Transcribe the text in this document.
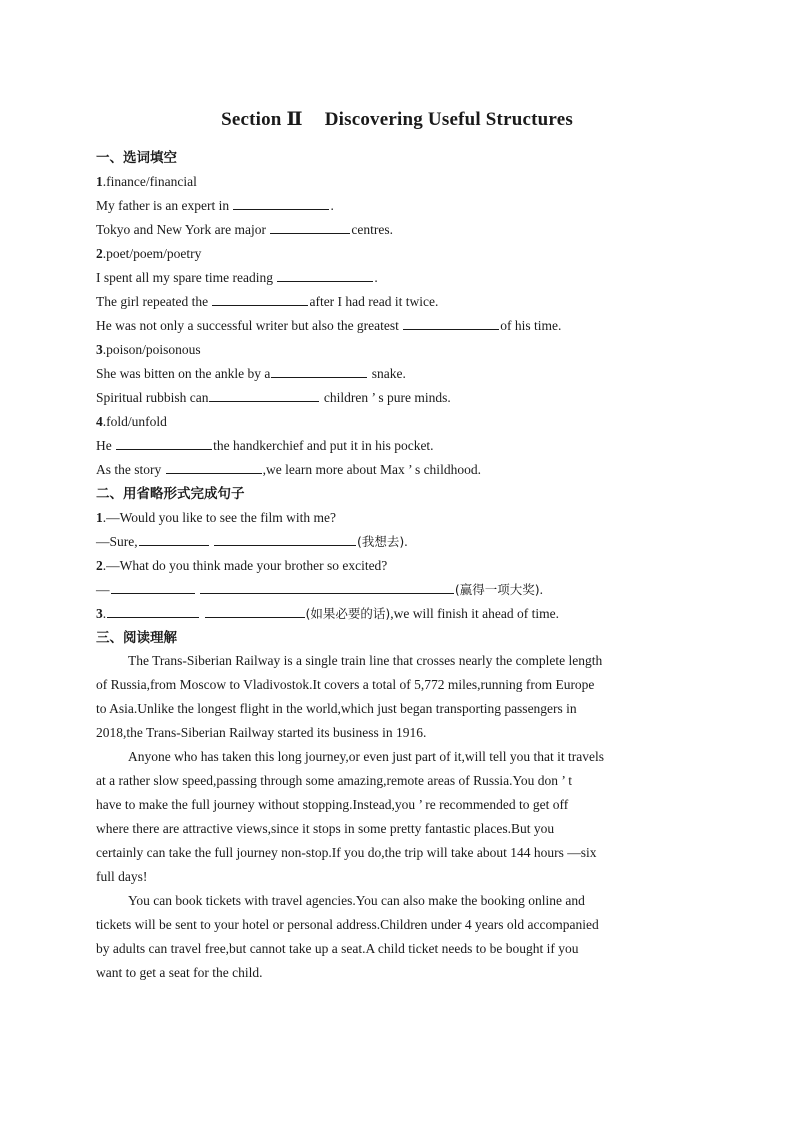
Section Ⅱ Discovering Useful Structures
一、选词填空
1.finance/financial
My father is an expert in	.
Tokyo and New York are major	centres.
2.poet/poem/poetry
I spent all my spare time reading	.
The girl repeated the	after I had read it twice.
He was not only a successful writer but also the greatest	of his time.
3.poison/poisonous
She was bitten on the ankle by a	snake.
Spiritual rubbish can	children ’ s pure minds.
4.fold/unfold
He	the handkerchief and put it in his pocket.
As the story	,we learn more about Max ’ s childhood.
二、用省略形式完成句子
1.—Would you like to see the film with me?
—Sure,	(我想去).
2.—What do you think made your brother so excited?
—	(赢得一项大奖).
3.	(如果必要的话),we will finish it ahead of time.
三、阅读理解
The Trans-Siberian Railway is a single train line that crosses nearly the complete length
of Russia,from Moscow to Vladivostok.It covers a total of 5,772 miles,running from Europe
to Asia.Unlike the longest flight in the world,which just began transporting passengers in
2018,the Trans-Siberian Railway started its business in 1916.
Anyone who has taken this long journey,or even just part of it,will tell you that it travels
at a rather slow speed,passing through some amazing,remote areas of Russia.You don ’ t
have to make the full journey without stopping.Instead,you ’ re recommended to get off
where there are attractive views,since it stops in some pretty fantastic places.But you
certainly can take the full journey non-stop.If you do,the trip will take about 144 hours —six
full days!
You can book tickets with travel agencies.You can also make the booking online and
tickets will be sent to your hotel or personal address.Children under 4 years old accompanied
by adults can travel free,but cannot take up a seat.A child ticket needs to be bought if you
want to get a seat for the child.
